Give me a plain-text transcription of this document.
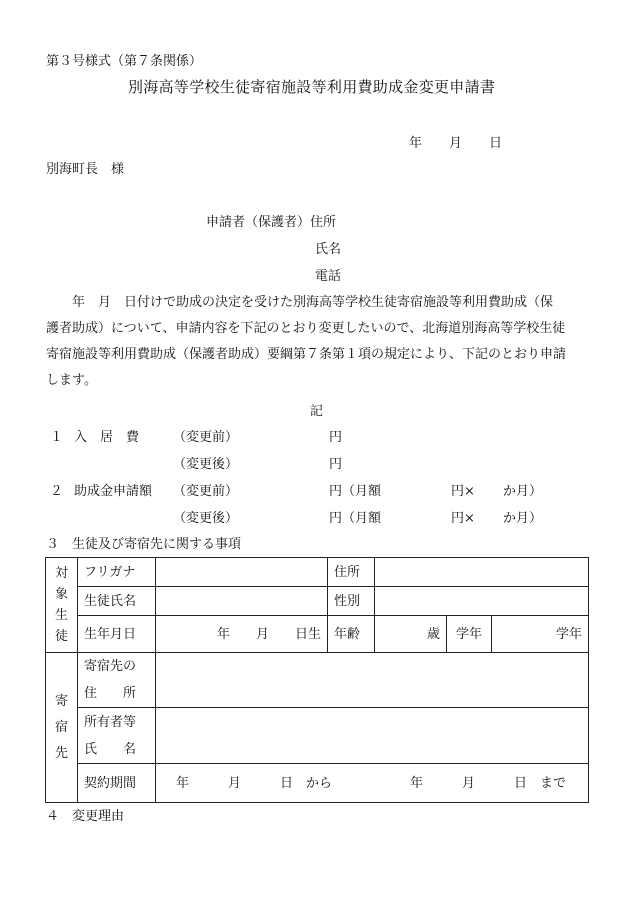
第３号様式（第７条関係）
別海高等学校生徒寄宿施設等利用費助成金変更申請書
年 月 日
別海町長　様
申請者（保護者）住所
氏名
電話
　　年　月　日付けで助成の決定を受けた別海高等学校生徒寄宿施設等利用費助成（保
護者助成）について、申請内容を下記のとおり変更したいので、北海道別海高等学校生徒
寄宿施設等利用費助成（保護者助成）要綱第７条第１項の規定により、下記のとおり申請
します。
記
１ 入　居　費	（変更前）	円
（変更後）	円
２ 助成金申請額 （変更前）	円（月額	円× か月）
（変更後）	円（月額	円× か月）
３　生徒及び寄宿先に関する事項
対象生徒	フリガナ		住所			
	生徒氏名		性別			
	生年月日	年　　月　　日生	年齢	歳	学年	学年

寄宿先	寄宿先の
住　　所					

	所有者等
氏　　名					

	契約期間	年　　　月　　　日　から　　　　　　年　　　月　　　日　まで				
４　変更理由
